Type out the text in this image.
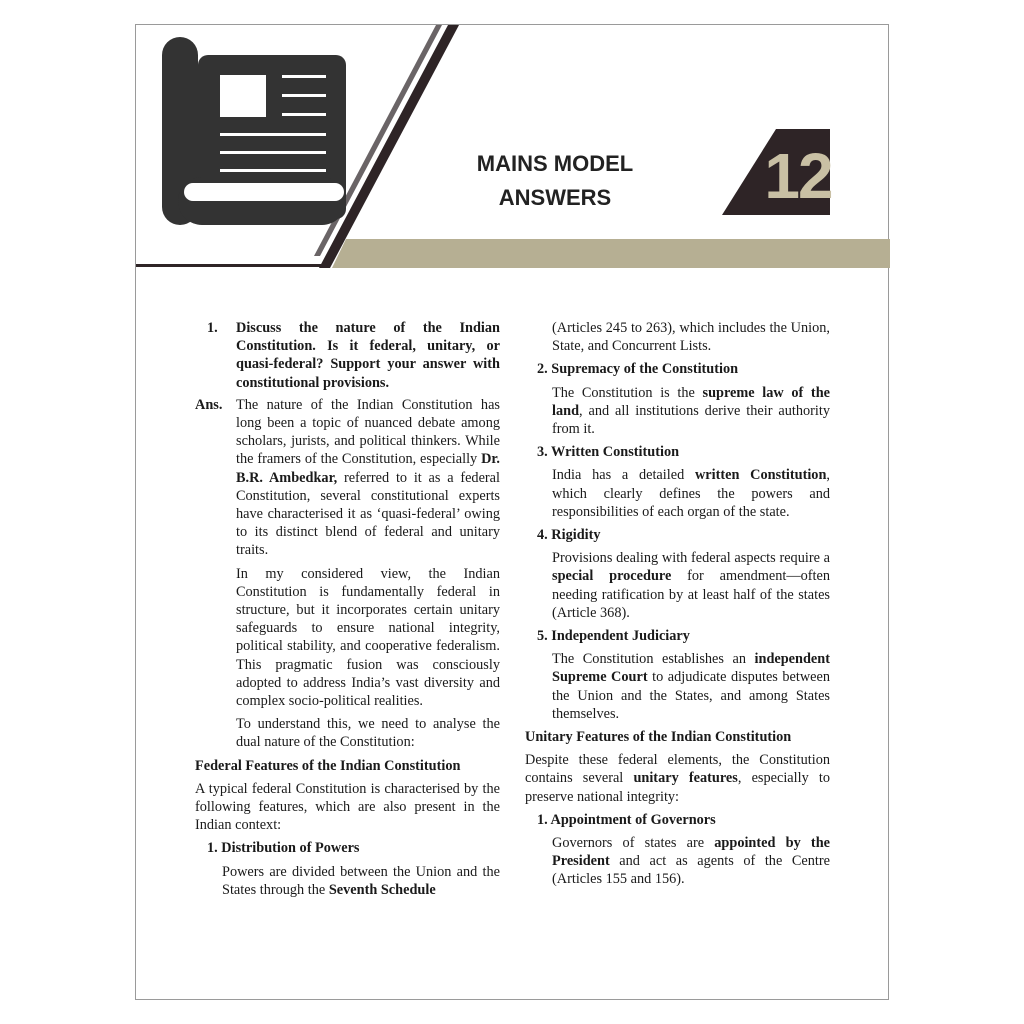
MAINS MODEL
ANSWERS	12
1.	Discuss the nature of the Indian Constitution. Is it federal, unitary, or quasi-federal? Support your answer with constitutional provisions.
Ans. The nature of the Indian Constitution has long been a topic of nuanced debate among scholars, jurists, and political thinkers. While the framers of the Constitution, especially Dr. B.R. Ambedkar, referred to it as a federal Constitution, several constitutional experts have characterised it as ‘quasi-federal’ owing to its distinct blend of federal and unitary traits.
In my considered view, the Indian Constitution is fundamentally federal in structure, but it incorporates certain unitary safeguards to ensure national integrity, political stability, and cooperative federalism. This pragmatic fusion was consciously adopted to address India’s vast diversity and complex socio-political realities.
To understand this, we need to analyse the dual nature of the Constitution:
Federal Features of the Indian Constitution
A typical federal Constitution is characterised by the following features, which are also present in the Indian context:
1. Distribution of Powers
Powers are divided between the Union and the States through the Seventh Schedule
(Articles 245 to 263), which includes the Union, State, and Concurrent Lists.
2. Supremacy of the Constitution
The Constitution is the supreme law of the land, and all institutions derive their authority from it.
3. Written Constitution
India has a detailed written Constitution, which clearly defines the powers and responsibilities of each organ of the state.
4. Rigidity
Provisions dealing with federal aspects require a special procedure for amendment—often needing ratification by at least half of the states (Article 368).
5. Independent Judiciary
The Constitution establishes an independent Supreme Court to adjudicate disputes between the Union and the States, and among States themselves.
Unitary Features of the Indian Constitution
Despite these federal elements, the Constitution contains several unitary features, especially to preserve national integrity:
1. Appointment of Governors
Governors of states are appointed by the President and act as agents of the Centre (Articles 155 and 156).
